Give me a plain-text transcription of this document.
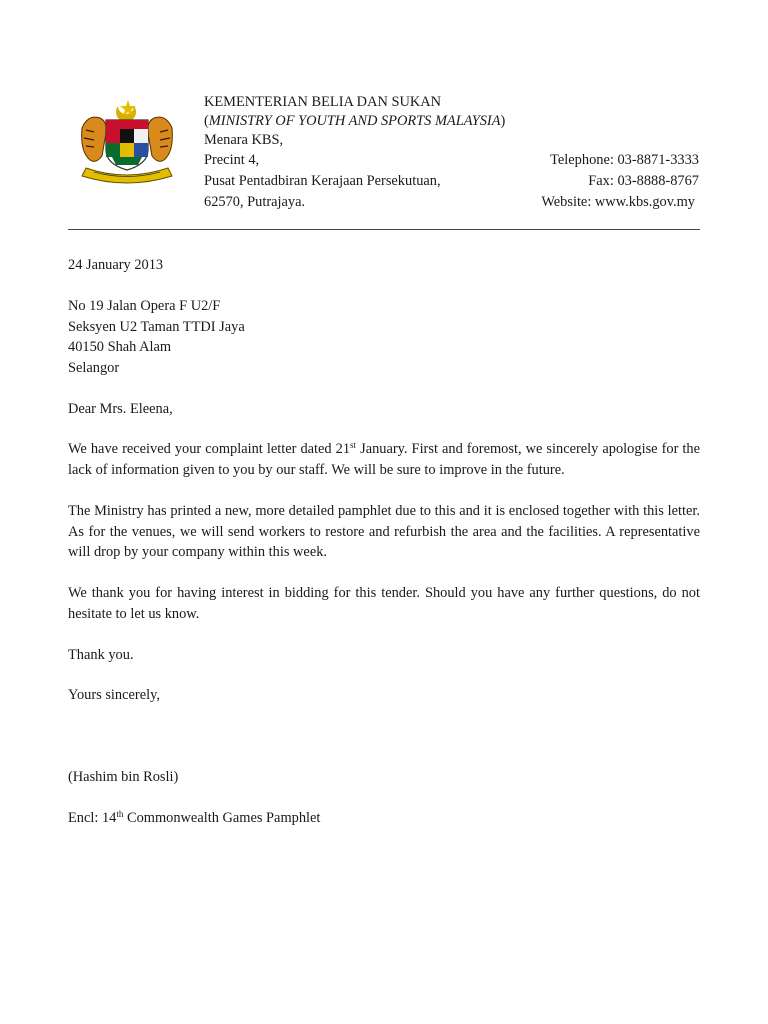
KEMENTERIAN BELIA DAN SUKAN
(MINISTRY OF YOUTH AND SPORTS MALAYSIA)
Menara KBS,
Precint 4,
Pusat Pentadbiran Kerajaan Persekutuan,
62570, Putrajaya.
Telephone: 03-8871-3333
Fax: 03-8888-8767
Website: www.kbs.gov.my
24 January 2013
No 19 Jalan Opera F U2/F
Seksyen U2 Taman TTDI Jaya
40150 Shah Alam
Selangor
Dear Mrs. Eleena,
We have received your complaint letter dated 21st January. First and foremost, we sincerely apologise for the lack of information given to you by our staff. We will be sure to improve in the future.
The Ministry has printed a new, more detailed pamphlet due to this and it is enclosed together with this letter. As for the venues, we will send workers to restore and refurbish the area and the facilities. A representative will drop by your company within this week.
We thank you for having interest in bidding for this tender. Should you have any further questions, do not hesitate to let us know.
Thank you.
Yours sincerely,
(Hashim bin Rosli)
Encl: 14th Commonwealth Games Pamphlet
